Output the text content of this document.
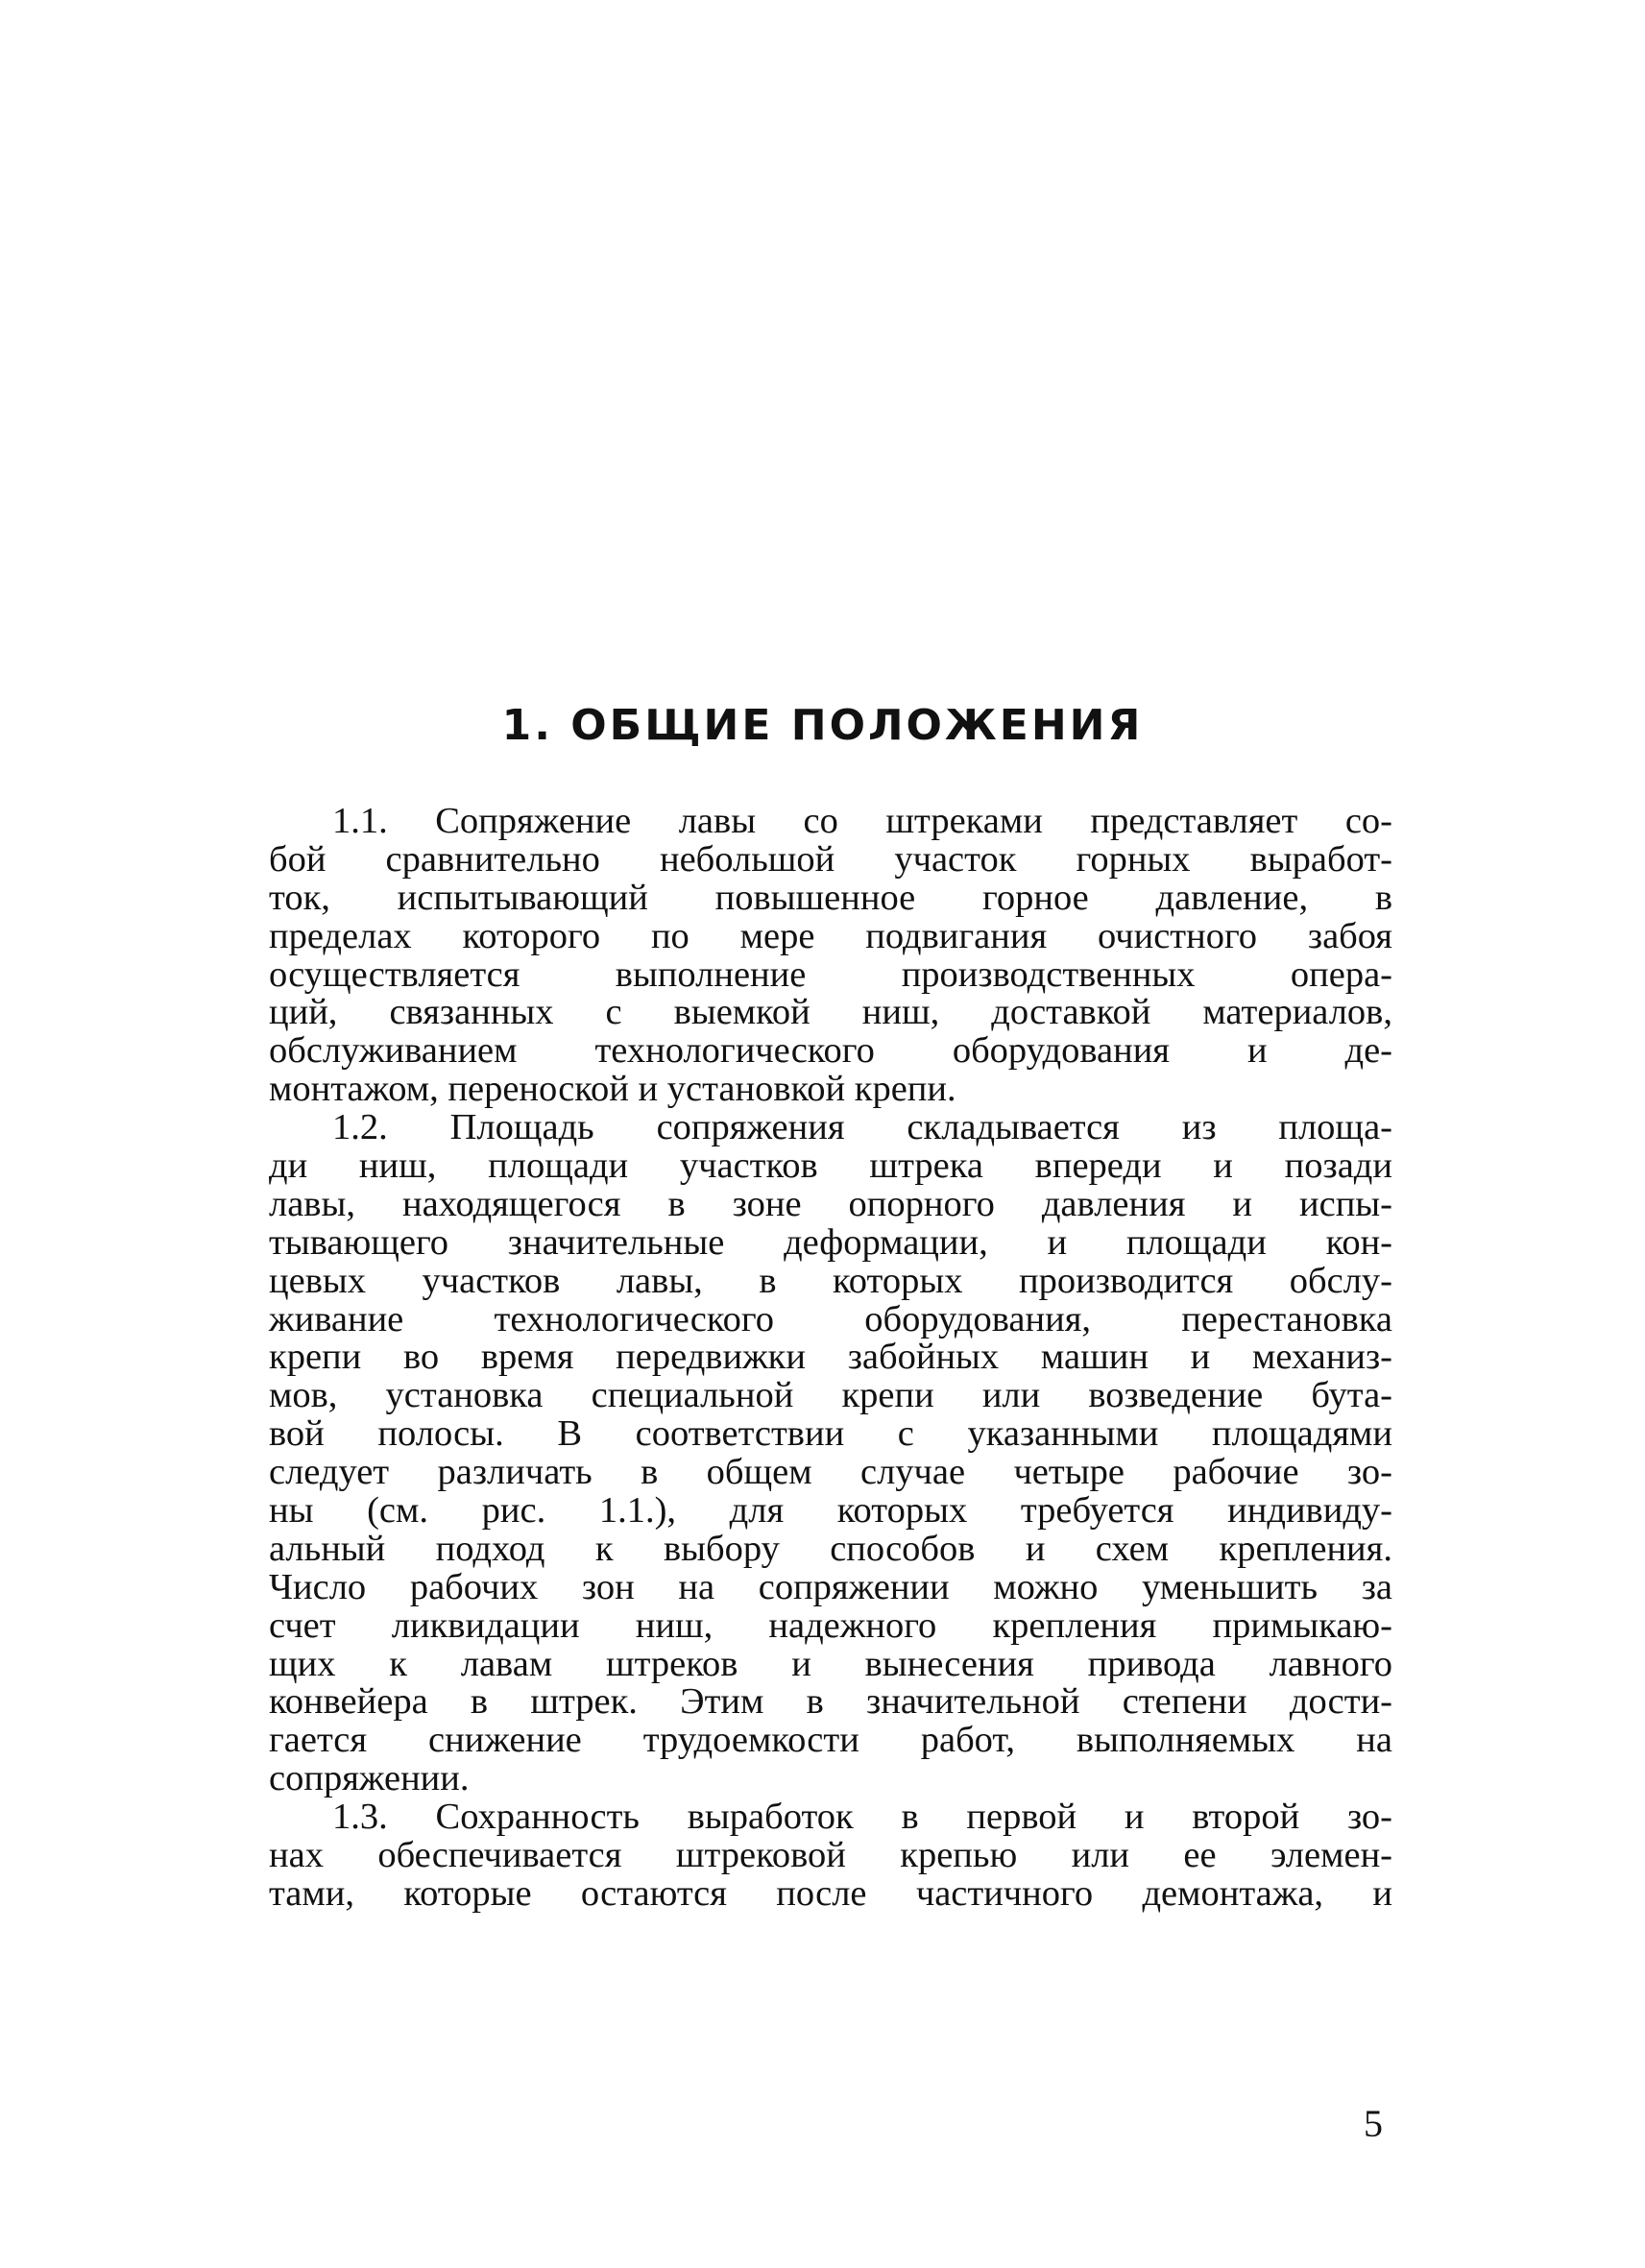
1. ОБЩИЕ ПОЛОЖЕНИЯ
1.1. Сопряжение лавы со штреками представляет со-
бой сравнительно небольшой участок горных выработ-
ток, испытывающий повышенное горное давление, в
пределах которого по мере подвигания очистного забоя
осуществляется выполнение производственных опера-
ций, связанных с выемкой ниш, доставкой материалов,
обслуживанием технологического оборудования и де-
монтажом, переноской и установкой крепи.
1.2. Площадь сопряжения складывается из площа-
ди ниш, площади участков штрека впереди и позади
лавы, находящегося в зоне опорного давления и испы-
тывающего значительные деформации, и площади кон-
цевых участков лавы, в которых производится обслу-
живание технологического оборудования, перестановка
крепи во время передвижки забойных машин и механиз-
мов, установка специальной крепи или возведение бута-
вой полосы. В соответствии с указанными площадями
следует различать в общем случае четыре рабочие зо-
ны (см. рис. 1.1.), для которых требуется индивиду-
альный подход к выбору способов и схем крепления.
Число рабочих зон на сопряжении можно уменьшить за
счет ликвидации ниш, надежного крепления примыкаю-
щих к лавам штреков и вынесения привода лавного
конвейера в штрек. Этим в значительной степени дости-
гается снижение трудоемкости работ, выполняемых на
сопряжении.
1.3. Сохранность выработок в первой и второй зо-
нах обеспечивается штрековой крепью или ее элемен-
тами, которые остаются после частичного демонтажа, и
5
